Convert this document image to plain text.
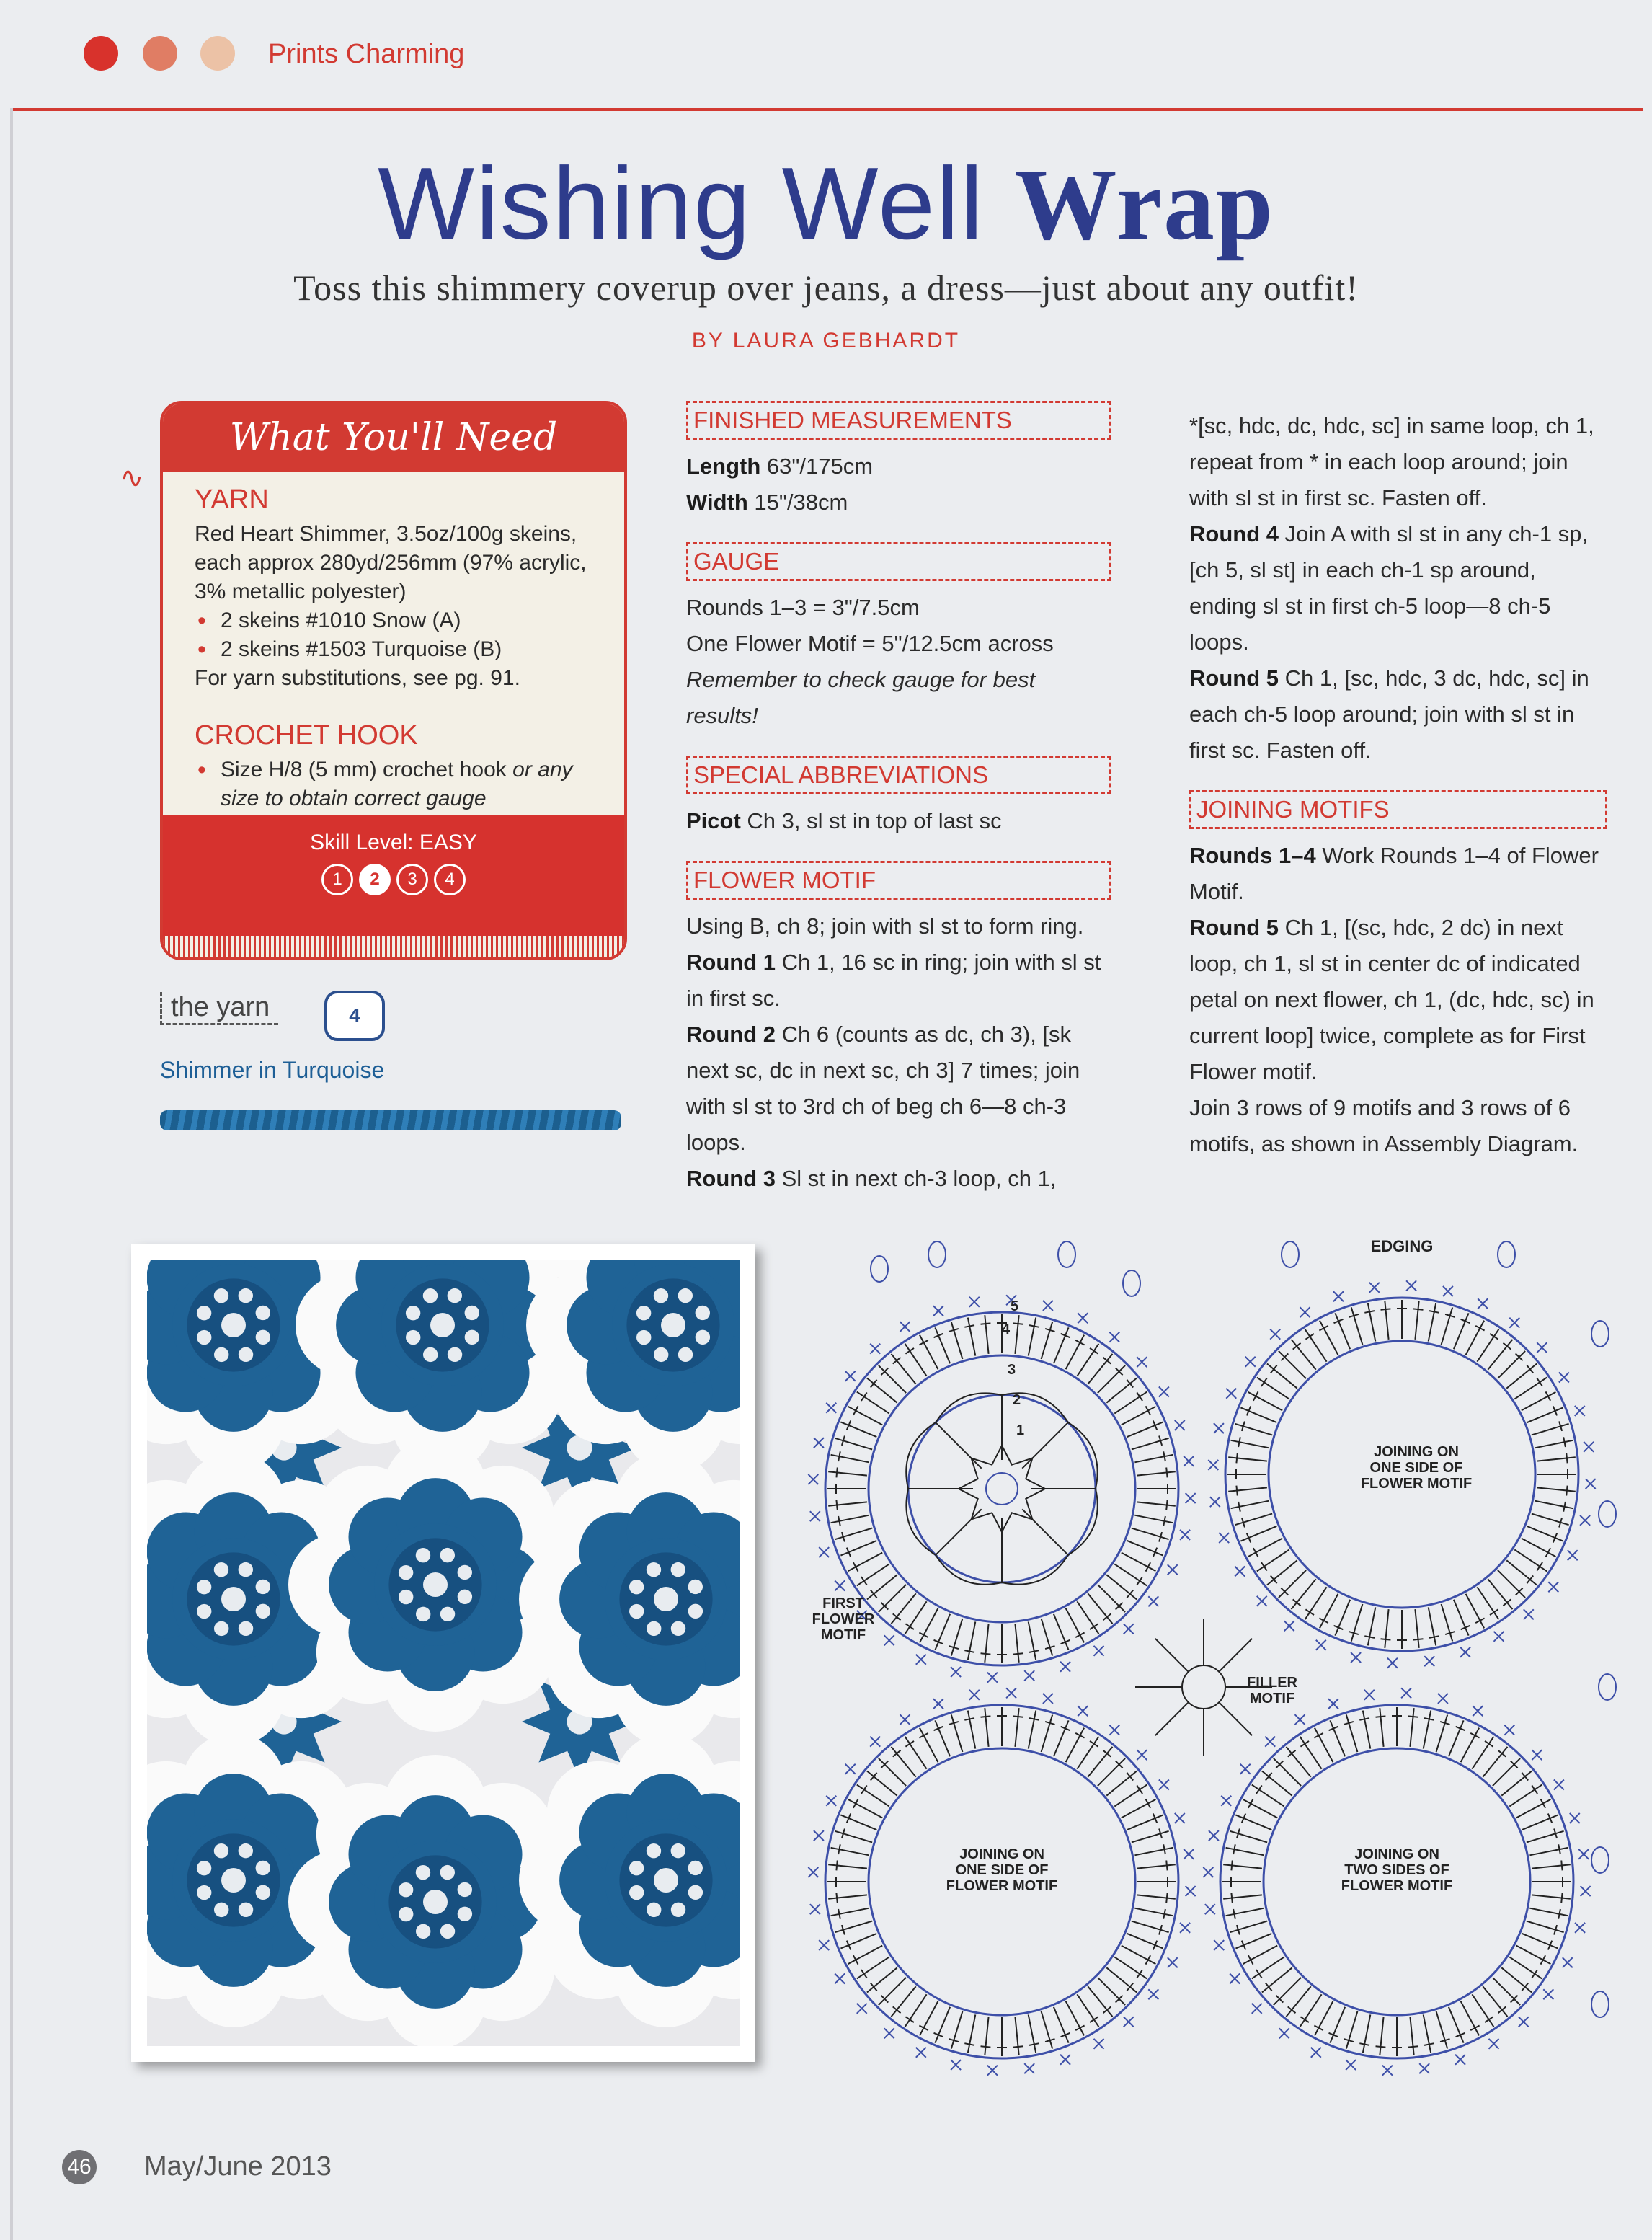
Prints Charming
Wishing Well Wrap
Toss this shimmery coverup over jeans, a dress—just about any outfit!
BY LAURA GEBHARDT
∿
What You'll Need
YARN

Red Heart Shimmer, 3.5oz/100g skeins, each approx 280yd/256mm (97% acrylic, 3% metallic polyester)

• 2 skeins #1010 Snow (A)
• 2 skeins #1503 Turquoise (B)

For yarn substitutions, see pg. 91.

CROCHET HOOK
• Size H/8 (5 mm) crochet hook or any size to obtain correct gauge
Skill Level: EASY
1	2	3	4
the yarn	4
Shimmer in Turquoise
FINISHED MEASUREMENTS

Length 63"/175cm

Width 15"/38cm

GAUGE

Rounds 1–3 = 3"/7.5cm

One Flower Motif = 5"/12.5cm across

Remember to check gauge for best results!

SPECIAL ABBREVIATIONS

Picot Ch 3, sl st in top of last sc

FLOWER MOTIF

Using B, ch 8; join with sl st to form ring.

Round 1 Ch 1, 16 sc in ring; join with sl st in first sc.

Round 2 Ch 6 (counts as dc, ch 3), [sk next sc, dc in next sc, ch 3] 7 times; join with sl st to 3rd ch of beg ch 6—8 ch-3 loops.

Round 3 Sl st in next ch-3 loop, ch 1,

*[sc, hdc, dc, hdc, sc] in same loop, ch 1, repeat from * in each loop around; join with sl st in first sc. Fasten off.

Round 4 Join A with sl st in any ch-1 sp, [ch 5, sl st] in each ch-1 sp around, ending sl st in first ch-5 loop—8 ch-5 loops.

Round 5 Ch 1, [sc, hdc, 3 dc, hdc, sc] in each ch-5 loop around; join with sl st in first sc. Fasten off.

JOINING MOTIFS

Rounds 1–4 Work Rounds 1–4 of Flower Motif.

Round 5 Ch 1, [(sc, hdc, 2 dc) in next loop, ch 1, sl st in center dc of indicated petal on next flower, ch 1, (dc, hdc, sc) in current loop] twice, complete as for First Flower motif.

Join 3 rows of 9 motifs and 3 rows of 6 motifs, as shown in Assembly Diagram.

EDGING
FIRST
FLOWER
MOTIF
FILLER
MOTIF
JOINING ON
ONE SIDE OF
FLOWER MOTIF
JOINING ON
ONE SIDE OF
FLOWER MOTIF
JOINING ON
TWO SIDES OF
FLOWER MOTIF
5
4
3
2
1
46 May/June 2013
